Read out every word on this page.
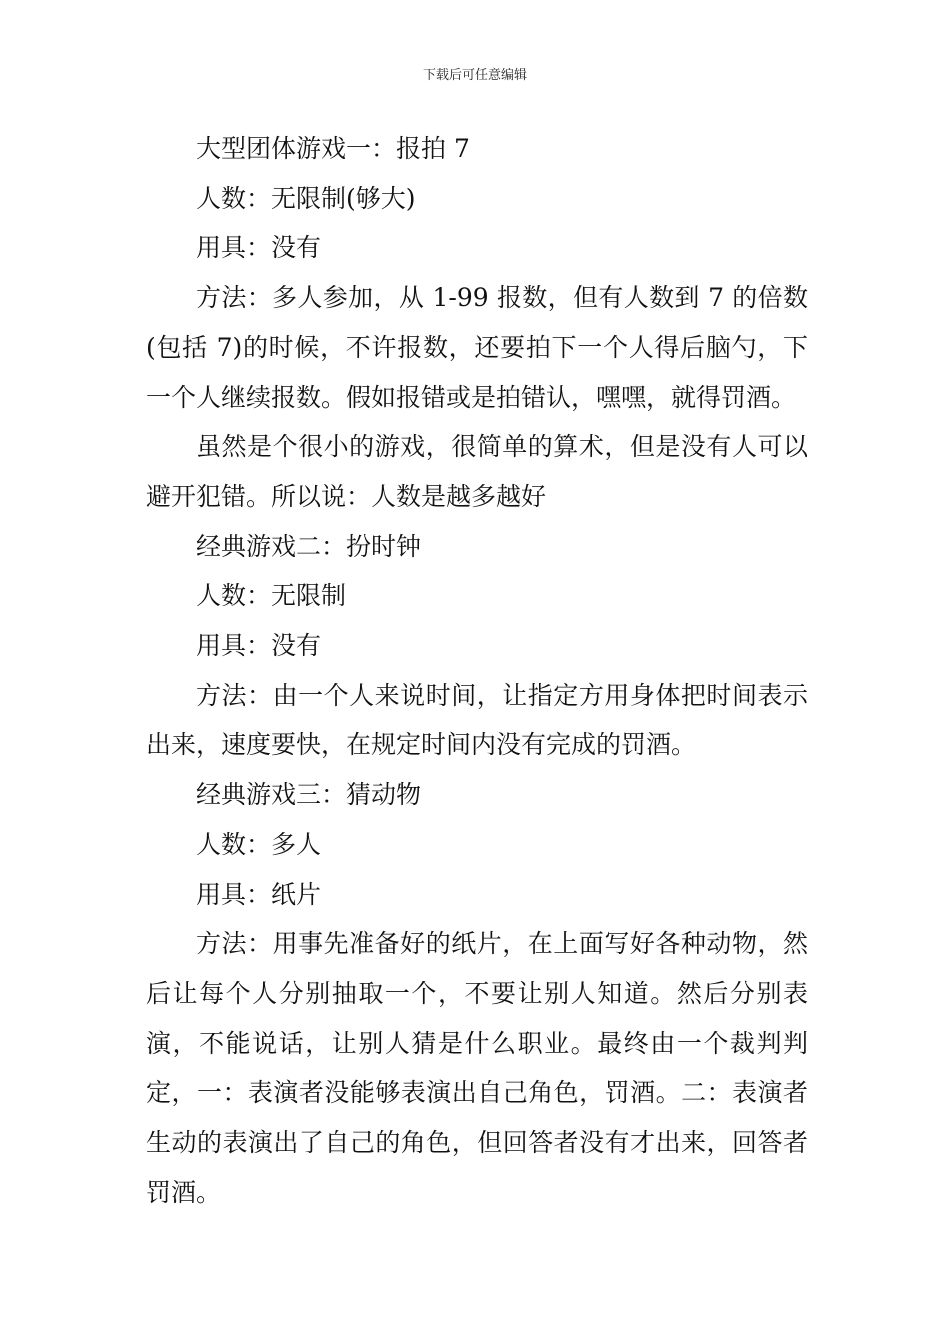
下载后可任意编辑

大型团体游戏一：报拍 7

人数：无限制(够大)

用具：没有

方法：多人参加，从 1-99 报数，但有人数到 7 的倍数(包括 7)的时候，不许报数，还要拍下一个人得后脑勺，下一个人继续报数。假如报错或是拍错认，嘿嘿，就得罚酒。

虽然是个很小的游戏，很简单的算术，但是没有人可以避开犯错。所以说：人数是越多越好

经典游戏二：扮时钟

人数：无限制

用具：没有

方法：由一个人来说时间，让指定方用身体把时间表示出来，速度要快，在规定时间内没有完成的罚酒。

经典游戏三：猜动物

人数：多人

用具：纸片

方法：用事先准备好的纸片，在上面写好各种动物，然后让每个人分别抽取一个，不要让别人知道。然后分别表演，不能说话，让别人猜是什么职业。最终由一个裁判判定，一：表演者没能够表演出自己角色，罚酒。二：表演者生动的表演出了自己的角色，但回答者没有才出来，回答者罚酒。
